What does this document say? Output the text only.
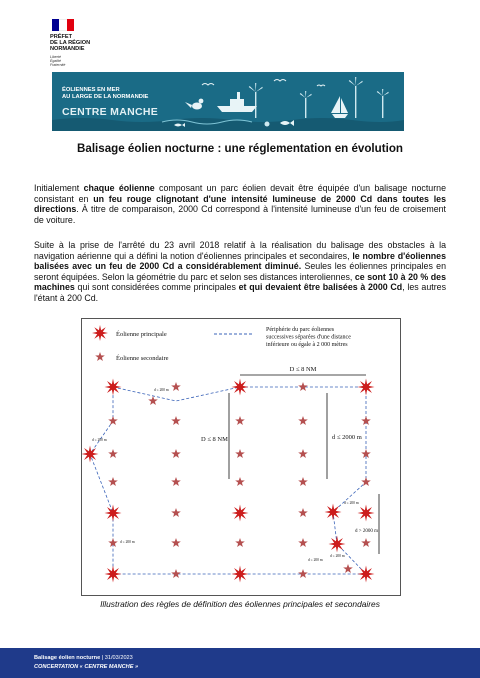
PRÉFET
DE LA RÉGION
NORMANDIE
Liberté
Égalité
Fraternité
ÉOLIENNES EN MER
AU LARGE DE LA NORMANDIE
CENTRE MANCHE
Balisage éolien nocturne : une réglementation en évolution

Initialement chaque éolienne composant un parc éolien devait être équipée d'un balisage nocturne consistant en un feu rouge clignotant d'une intensité lumineuse de 2000 Cd dans toutes les directions. À titre de comparaison, 2000 Cd correspond à l'intensité lumineuse d'un feu de croisement de voiture.

Suite à la prise de l'arrêté du 23 avril 2018 relatif à la réalisation du balisage des obstacles à la navigation aérienne qui a défini la notion d'éoliennes principales et secondaires, le nombre d'éoliennes balisées avec un feu de 2000 Cd a considérablement diminué. Seules les éoliennes principales en seront équipées. Selon la géométrie du parc et selon ses distances interoliennes, ce sont 10 à 20 % des machines qui sont considérées comme principales et qui devaient être balisées à 2000 Cd, les autres l'étant à 200 Cd.

Éolienne principale
Éolienne secondaire
Périphérie du parc éoliennes
successives séparées d'une distance
inférieure ou égale à 2 000 mètres
D ≤ 8 NM
D ≤ 8 NM	d ≤ 2000 m
d > 2000 m
d ≤ 200 m
d ≤ 200 m
d ≤ 200 m
d ≤ 200 m
d ≤ 200 m
d ≤ 200 m
Illustration des règles de définition des éoliennes principales et secondaires
Balisage éolien nocturne | 31/03/2023
CONCERTATION « CENTRE MANCHE »
